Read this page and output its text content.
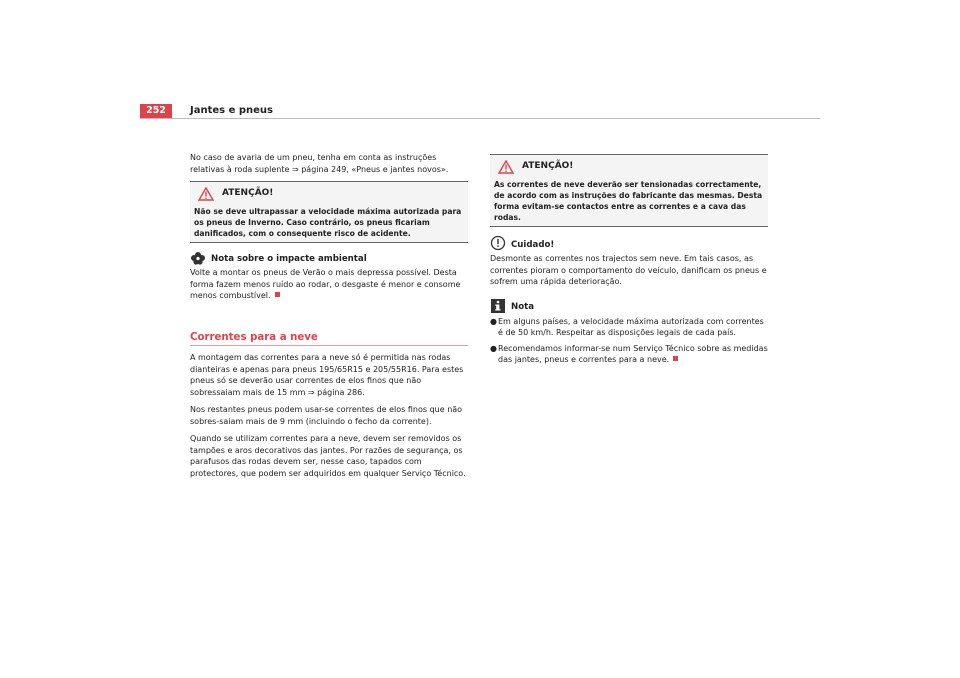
252	Jantes e pneus

No caso de avaria de um pneu, tenha em conta as instruções relativas à roda suplente ⇒ página 249, «Pneus e jantes novos».

ATENÇÃO!
Não se deve ultrapassar a velocidade máxima autorizada para os pneus de Inverno. Caso contrário, os pneus ficariam danificados, com o consequente risco de acidente.
Nota sobre o impacte ambiental

Volte a montar os pneus de Verão o mais depressa possível. Desta forma fazem menos ruído ao rodar, o desgaste é menor e consome menos combustível.

Correntes para a neve

A montagem das correntes para a neve só é permitida nas rodas dianteiras e apenas para pneus 195/65R15 e 205/55R16. Para estes pneus só se deverão usar correntes de elos finos que não sobressaiam mais de 15 mm ⇒ página 286.

Nos restantes pneus podem usar-se correntes de elos finos que não sobres-saiam mais de 9 mm (incluindo o fecho da corrente).

Quando se utilizam correntes para a neve, devem ser removidos os tampões e aros decorativos das jantes. Por razões de segurança, os parafusos das rodas devem ser, nesse caso, tapados com protectores, que podem ser adquiridos em qualquer Serviço Técnico.

ATENÇÃO!
As correntes de neve deverão ser tensionadas correctamente, de acordo com as instruções do fabricante das mesmas. Desta forma evitam-se contactos entre as correntes e a cava das rodas.
Cuidado!

Desmonte as correntes nos trajectos sem neve. Em tais casos, as correntes pioram o comportamento do veículo, danificam os pneus e sofrem uma rápida deterioração.

Nota
● Em alguns países, a velocidade máxima autorizada com correntes é de 50 km/h. Respeitar as disposições legais de cada país.
● Recomendamos informar-se num Serviço Técnico sobre as medidas das jantes, pneus e correntes para a neve.
